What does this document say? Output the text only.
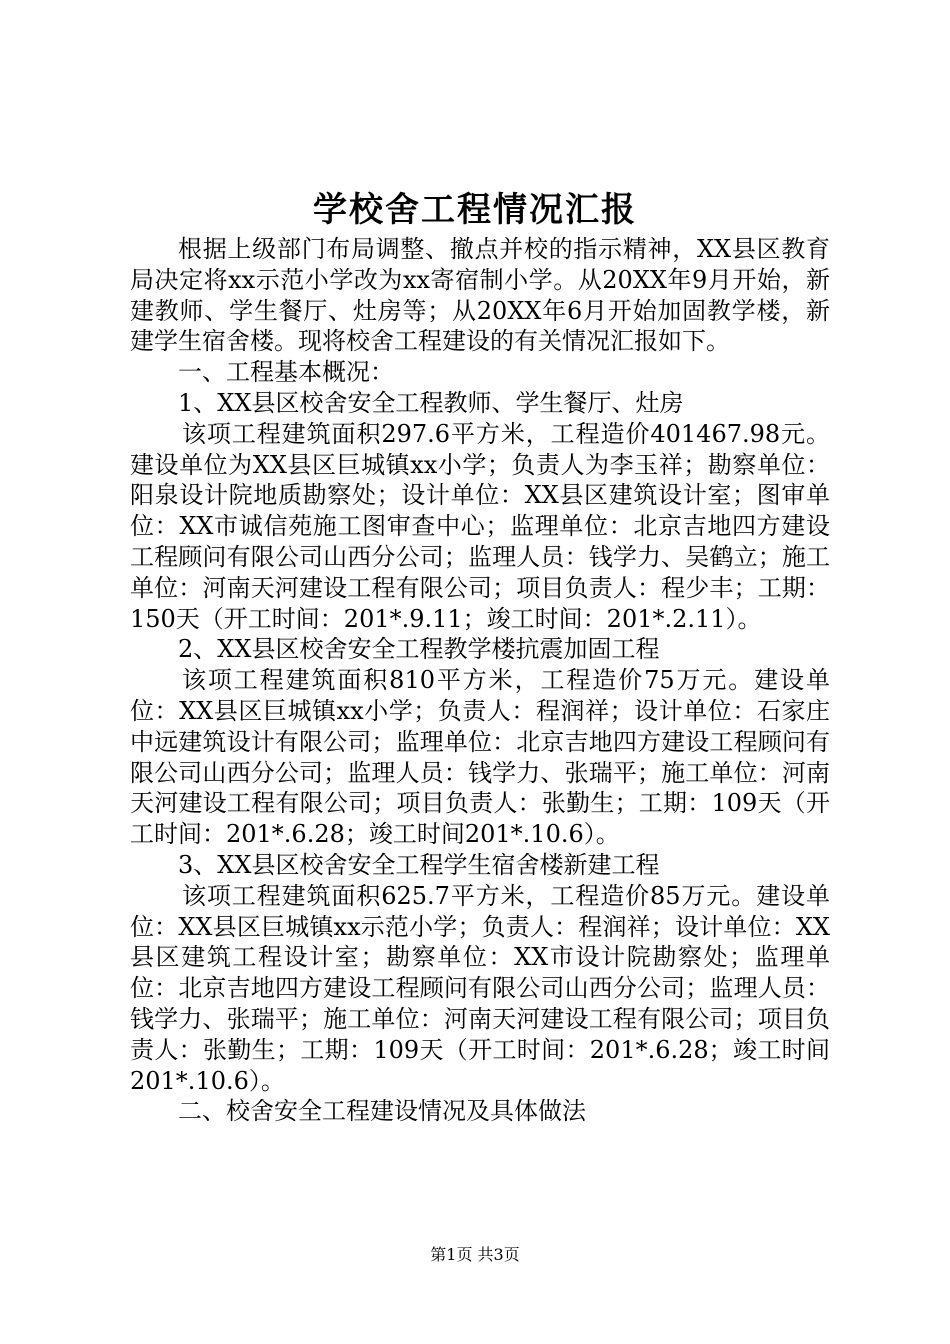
学校舍工程情况汇报

根据上级部门布局调整、撤点并校的指示精神，XX县区教育局决定将xx示范小学改为xx寄宿制小学。从20XX年9月开始，新建教师、学生餐厅、灶房等；从20XX年6月开始加固教学楼，新建学生宿舍楼。现将校舍工程建设的有关情况汇报如下。

一、工程基本概况：

1、XX县区校舍安全工程教师、学生餐厅、灶房

该项工程建筑面积297.6平方米，工程造价401467.98元。建设单位为XX县区巨城镇xx小学；负责人为李玉祥；勘察单位：阳泉设计院地质勘察处；设计单位：XX县区建筑设计室；图审单位：XX市诚信苑施工图审查中心；监理单位：北京吉地四方建设工程顾问有限公司山西分公司；监理人员：钱学力、吴鹤立；施工单位：河南天河建设工程有限公司；项目负责人：程少丰；工期：150天（开工时间：201*.9.11；竣工时间：201*.2.11）。

2、XX县区校舍安全工程教学楼抗震加固工程

该项工程建筑面积810平方米，工程造价75万元。建设单位：XX县区巨城镇xx小学；负责人：程润祥；设计单位：石家庄中远建筑设计有限公司；监理单位：北京吉地四方建设工程顾问有限公司山西分公司；监理人员：钱学力、张瑞平；施工单位：河南天河建设工程有限公司；项目负责人：张勤生；工期：109天（开工时间：201*.6.28；竣工时间201*.10.6）。

3、XX县区校舍安全工程学生宿舍楼新建工程

该项工程建筑面积625.7平方米，工程造价85万元。建设单位：XX县区巨城镇xx示范小学；负责人：程润祥；设计单位：XX县区建筑工程设计室；勘察单位：XX市设计院勘察处；监理单位：北京吉地四方建设工程顾问有限公司山西分公司；监理人员：钱学力、张瑞平；施工单位：河南天河建设工程有限公司；项目负责人：张勤生；工期：109天（开工时间：201*.6.28；竣工时间201*.10.6）。

二、校舍安全工程建设情况及具体做法

第1页 共3页
